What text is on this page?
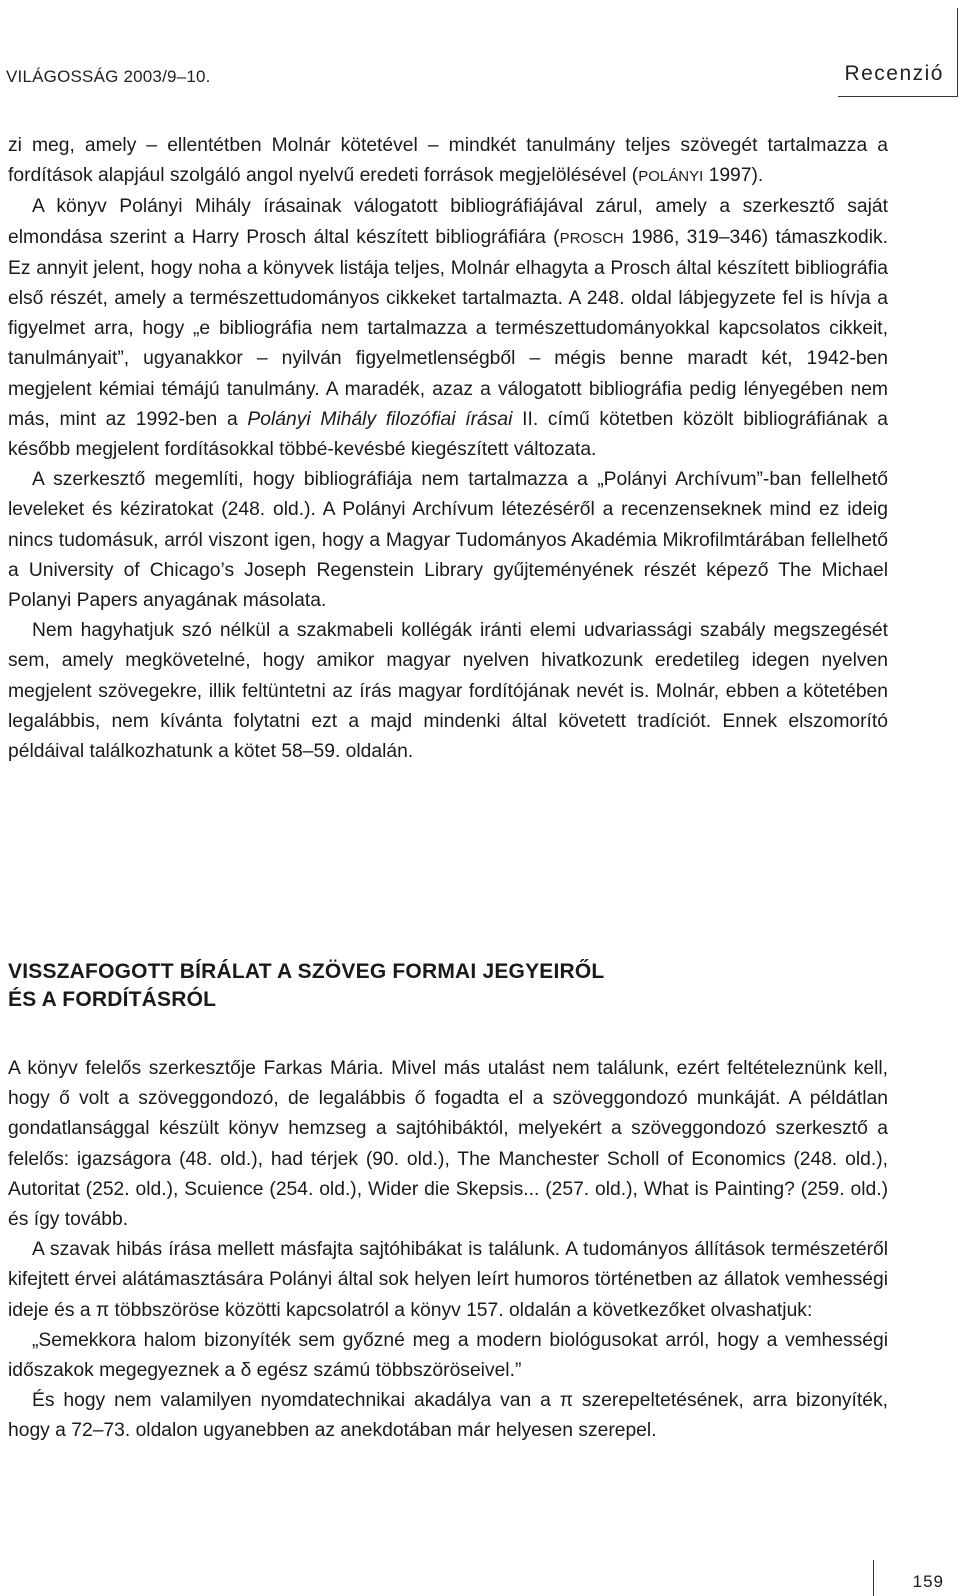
VILÁGOSSÁG 2003/9–10.	Recenzió

zi meg, amely – ellentétben Molnár kötetével – mindkét tanulmány teljes szövegét tartalmazza a fordítások alapjául szolgáló angol nyelvű eredeti források megjelölésével (POLÁNYI 1997).

A könyv Polányi Mihály írásainak válogatott bibliográfiájával zárul, amely a szerkesztő saját elmondása szerint a Harry Prosch által készített bibliográfiára (PROSCH 1986, 319–346) támaszkodik. Ez annyit jelent, hogy noha a könyvek listája teljes, Molnár elhagyta a Prosch által készített bibliográfia első részét, amely a természettudományos cikkeket tartalmazta. A 248. oldal lábjegyzete fel is hívja a figyelmet arra, hogy „e bibliográfia nem tartalmazza a természettudományokkal kapcsolatos cikkeit, tanulmányait”, ugyanakkor – nyilván figyelmetlenségből – mégis benne maradt két, 1942-ben megjelent kémiai témájú tanulmány. A maradék, azaz a válogatott bibliográfia pedig lényegében nem más, mint az 1992-ben a Polányi Mihály filozófiai írásai II. című kötetben közölt bibliográfiának a később megjelent fordításokkal többé-kevésbé kiegészített változata.

A szerkesztő megemlíti, hogy bibliográfiája nem tartalmazza a „Polányi Archívum”-ban fellelhető leveleket és kéziratokat (248. old.). A Polányi Archívum létezéséről a recenzenseknek mind ez ideig nincs tudomásuk, arról viszont igen, hogy a Magyar Tudományos Akadémia Mikrofilmtárában fellelhető a University of Chicago’s Joseph Regenstein Library gyűjteményének részét képező The Michael Polanyi Papers anyagának másolata.

Nem hagyhatjuk szó nélkül a szakmabeli kollégák iránti elemi udvariassági szabály megszegését sem, amely megkövetelné, hogy amikor magyar nyelven hivatkozunk eredetileg idegen nyelven megjelent szövegekre, illik feltüntetni az írás magyar fordítójának nevét is. Molnár, ebben a kötetében legalábbis, nem kívánta folytatni ezt a majd mindenki által követett tradíciót. Ennek elszomorító példáival találkozhatunk a kötet 58–59. oldalán.

VISSZAFOGOTT BÍRÁLAT A SZÖVEG FORMAI JEGYEIRŐL
ÉS A FORDÍTÁSRÓL

A könyv felelős szerkesztője Farkas Mária. Mivel más utalást nem találunk, ezért feltételeznünk kell, hogy ő volt a szöveggondozó, de legalábbis ő fogadta el a szöveggondozó munkáját. A példátlan gondatlansággal készült könyv hemzseg a sajtóhibáktól, melyekért a szöveggondozó szerkesztő a felelős: igazságora (48. old.), had térjek (90. old.), The Manchester Scholl of Economics (248. old.), Autoritat (252. old.), Scuience (254. old.), Wider die Skepsis... (257. old.), What is Painting? (259. old.) és így tovább.

A szavak hibás írása mellett másfajta sajtóhibákat is találunk. A tudományos állítások természetéről kifejtett érvei alátámasztására Polányi által sok helyen leírt humoros történetben az állatok vemhességi ideje és a π többszöröse közötti kapcsolatról a könyv 157. oldalán a következőket olvashatjuk:

„Semekkora halom bizonyíték sem győzné meg a modern biológusokat arról, hogy a vemhességi időszakok megegyeznek a δ egész számú többszöröseivel.”

És hogy nem valamilyen nyomdatechnikai akadálya van a π szerepeltetésének, arra bizonyíték, hogy a 72–73. oldalon ugyanebben az anekdotában már helyesen szerepel.

159
